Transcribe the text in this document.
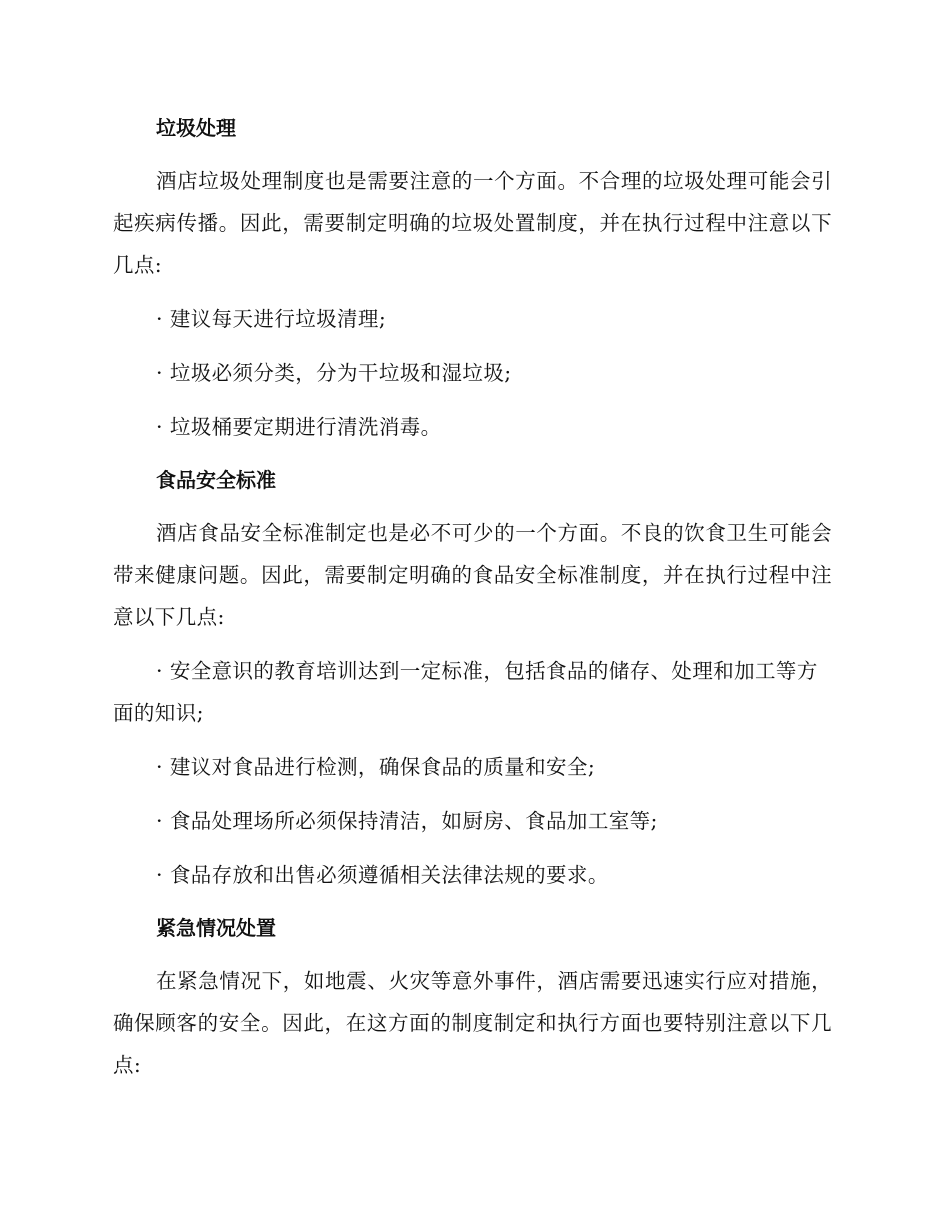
垃圾处理

酒店垃圾处理制度也是需要注意的一个方面。不合理的垃圾处理可能会引起疾病传播。因此，需要制定明确的垃圾处置制度，并在执行过程中注意以下几点:

· 建议每天进行垃圾清理;

· 垃圾必须分类，分为干垃圾和湿垃圾;

· 垃圾桶要定期进行清洗消毒。

食品安全标准

酒店食品安全标准制定也是必不可少的一个方面。不良的饮食卫生可能会带来健康问题。因此，需要制定明确的食品安全标准制度，并在执行过程中注意以下几点:

· 安全意识的教育培训达到一定标准，包括食品的储存、处理和加工等方面的知识;

· 建议对食品进行检测，确保食品的质量和安全;

· 食品处理场所必须保持清洁，如厨房、食品加工室等;

· 食品存放和出售必须遵循相关法律法规的要求。

紧急情况处置

在紧急情况下，如地震、火灾等意外事件，酒店需要迅速实行应对措施，确保顾客的安全。因此，在这方面的制度制定和执行方面也要特别注意以下几点:
